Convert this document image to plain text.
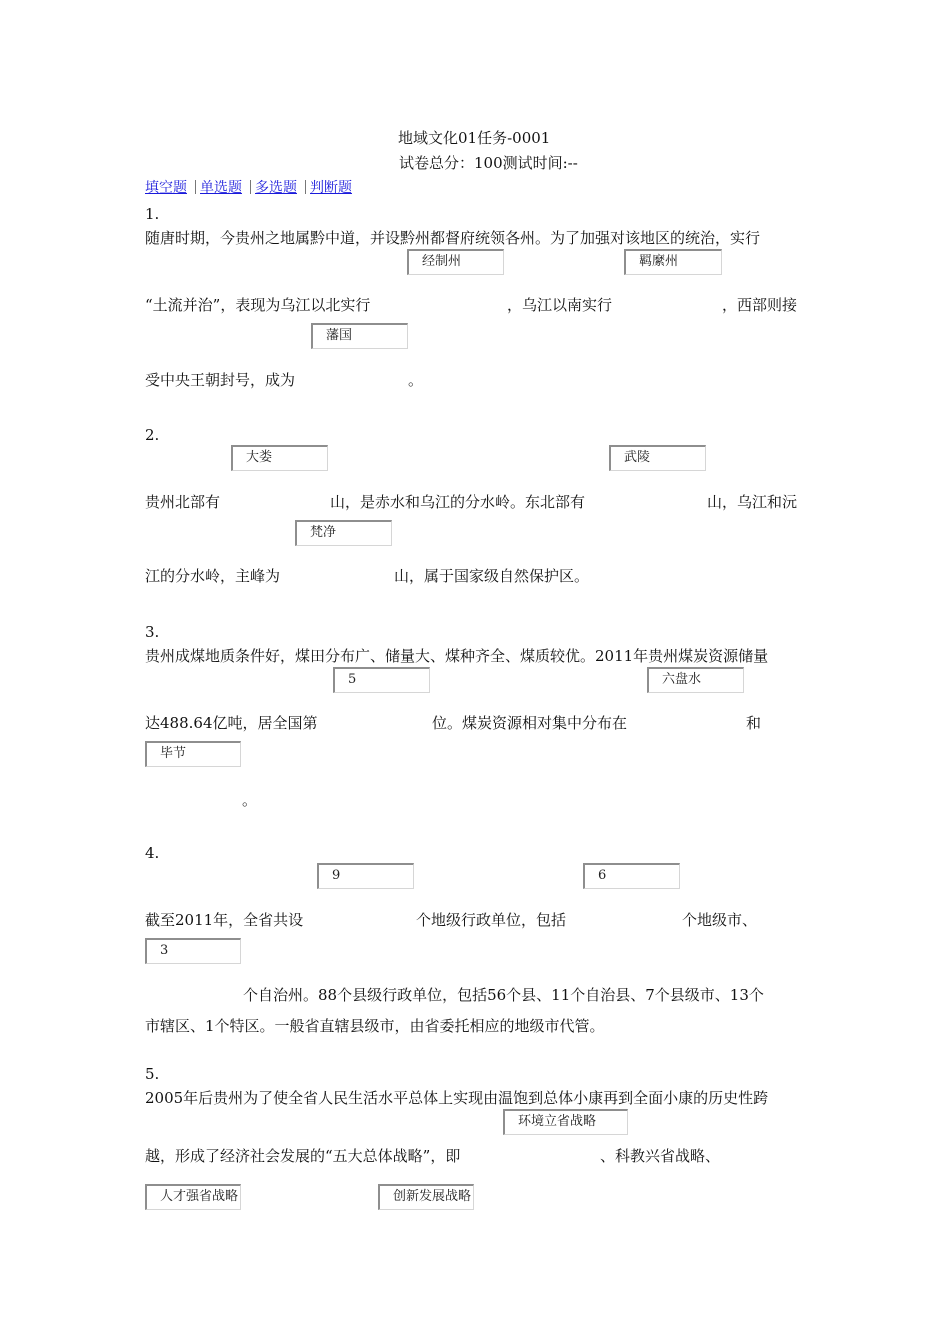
地域文化01任务-0001
试卷总分：100测试时间:--
填空题 单选题 多选题 判断题
1.
随唐时期，今贵州之地属黔中道，并设黔州都督府统领各州。为了加强对该地区的统治，实行
经制州	羁縻州
“土流并治”，表现为乌江以北实行	，乌江以南实行	，西部则接
藩国
受中央王朝封号，成为	。
2.
大娄	武陵
贵州北部有	山，是赤水和乌江的分水岭。东北部有	山，乌江和沅
梵净
江的分水岭，主峰为	山，属于国家级自然保护区。
3.
贵州成煤地质条件好，煤田分布广、储量大、煤种齐全、煤质较优。2011年贵州煤炭资源储量
5	六盘水
达488.64亿吨，居全国第	位。煤炭资源相对集中分布在	和
毕节
。
4.
9	6
截至2011年，全省共设	个地级行政单位，包括	个地级市、
3
个自治州。88个县级行政单位，包括56个县、11个自治县、7个县级市、13个
市辖区、1个特区。一般省直辖县级市，由省委托相应的地级市代管。
5.
2005年后贵州为了使全省人民生活水平总体上实现由温饱到总体小康再到全面小康的历史性跨
环境立省战略
越，形成了经济社会发展的“五大总体战略”，即	、科教兴省战略、
人才强省战略	创新发展战略
